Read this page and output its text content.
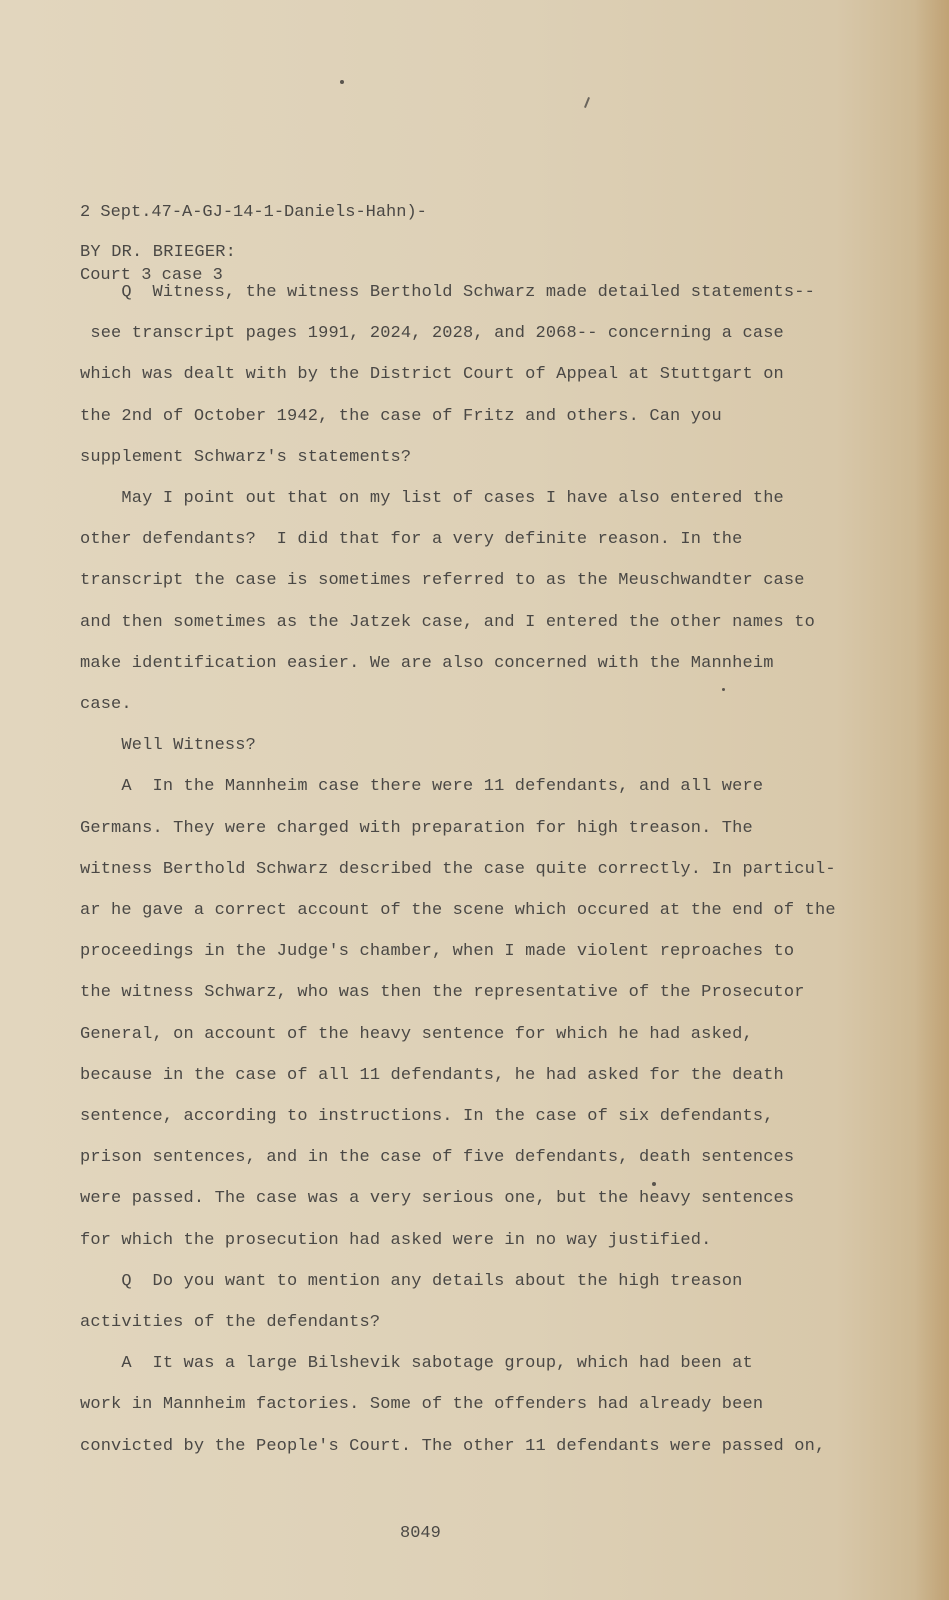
2 Sept.47-A-GJ-14-1-Daniels-Hahn)-

Court 3 case 3

BY DR. BRIEGER:
Q  Witness, the witness Berthold Schwarz made detailed statements--
see transcript pages 1991, 2024, 2028, and 2068-- concerning a case
which was dealt with by the District Court of Appeal at Stuttgart on
the 2nd of October 1942, the case of Fritz and others. Can you
supplement Schwarz's statements?
May I point out that on my list of cases I have also entered the
other defendants?  I did that for a very definite reason. In the
transcript the case is sometimes referred to as the Meuschwandter case
and then sometimes as the Jatzek case, and I entered the other names to
make identification easier. We are also concerned with the Mannheim
case.
Well Witness?
A  In the Mannheim case there were 11 defendants, and all were
Germans. They were charged with preparation for high treason. The
witness Berthold Schwarz described the case quite correctly. In particul-
ar he gave a correct account of the scene which occured at the end of the
proceedings in the Judge's chamber, when I made violent reproaches to
the witness Schwarz, who was then the representative of the Prosecutor
General, on account of the heavy sentence for which he had asked,
because in the case of all 11 defendants, he had asked for the death
sentence, according to instructions. In the case of six defendants,
prison sentences, and in the case of five defendants, death sentences
were passed. The case was a very serious one, but the heavy sentences
for which the prosecution had asked were in no way justified.
Q  Do you want to mention any details about the high treason
activities of the defendants?
A  It was a large Bilshevik sabotage group, which had been at
work in Mannheim factories. Some of the offenders had already been
convicted by the People's Court. The other 11 defendants were passed on,
8049
